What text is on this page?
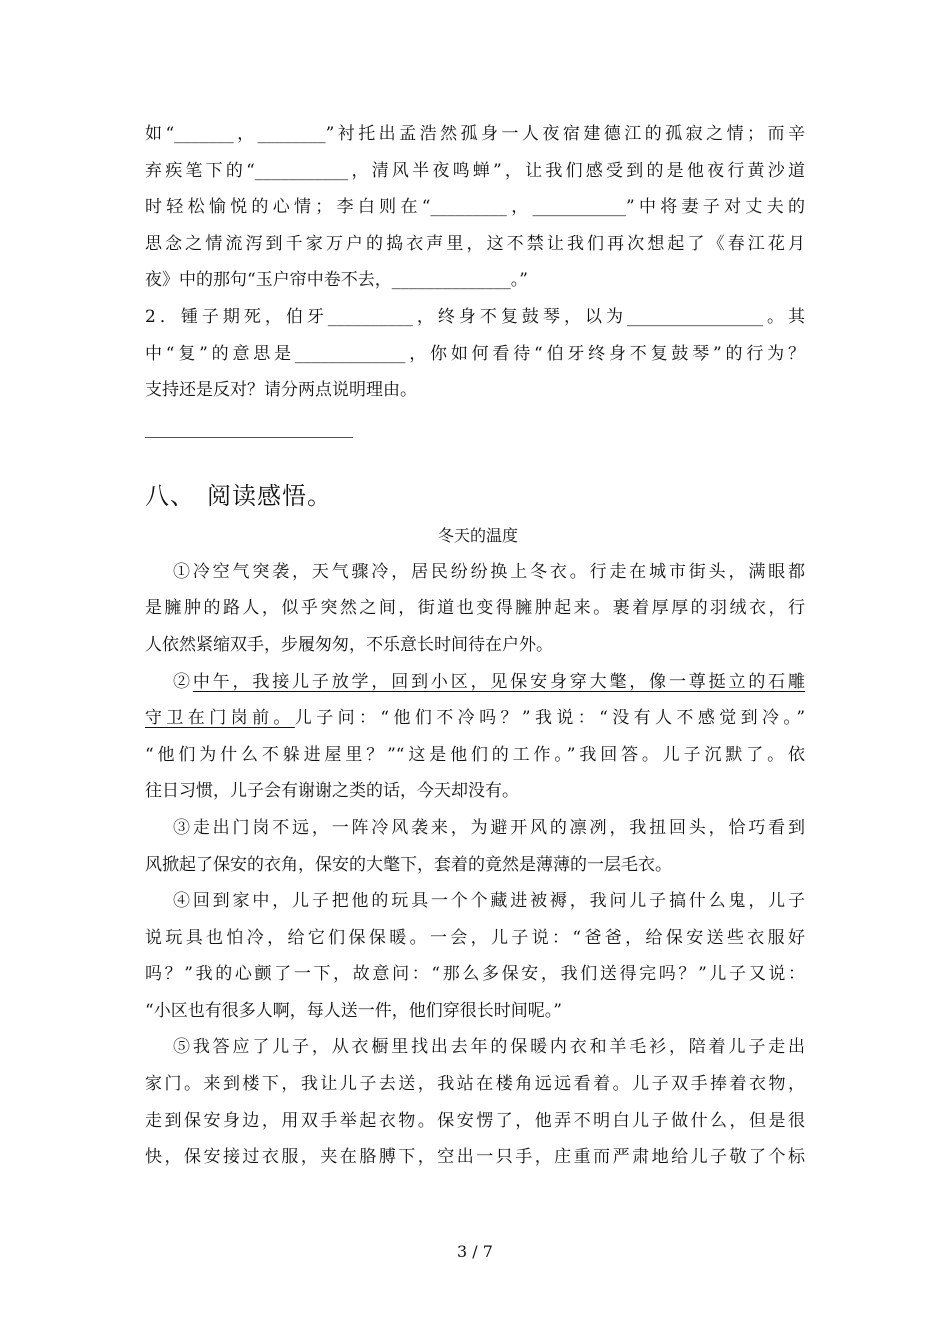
如“_______，________”衬托出孟浩然孤身一人夜宿建德江的孤寂之情；而辛
弃疾笔下的“___________，清风半夜鸣蝉”，让我们感受到的是他夜行黄沙道
时轻松愉悦的心情；李白则在“_________，___________”中将妻子对丈夫的
思念之情流泻到千家万户的捣衣声里，这不禁让我们再次想起了《春江花月
夜》中的那句“玉户帘中卷不去，______________。”
2．锺子期死，伯牙__________，终身不复鼓琴，以为________________。其
中“复”的意思是_____________，你如何看待“伯牙终身不复鼓琴”的行为？
支持还是反对？请分两点说明理由。
八、 阅读感悟。
冬天的温度
①冷空气突袭，天气骤冷，居民纷纷换上冬衣。行走在城市街头，满眼都
是臃肿的路人，似乎突然之间，街道也变得臃肿起来。裹着厚厚的羽绒衣，行
人依然紧缩双手，步履匆匆，不乐意长时间待在户外。
②中午，我接儿子放学，回到小区，见保安身穿大氅，像一尊挺立的石雕
守卫在门岗前。儿子问：“他们不冷吗？”我说：“没有人不感觉到冷。”
“他们为什么不躲进屋里？”“这是他们的工作。”我回答。儿子沉默了。依
往日习惯，儿子会有谢谢之类的话，今天却没有。
③走出门岗不远，一阵冷风袭来，为避开风的凛冽，我扭回头，恰巧看到
风掀起了保安的衣角，保安的大氅下，套着的竟然是薄薄的一层毛衣。
④回到家中，儿子把他的玩具一个个藏进被褥，我问儿子搞什么鬼，儿子
说玩具也怕冷，给它们保保暖。一会，儿子说：“爸爸，给保安送些衣服好
吗？”我的心颤了一下，故意问：“那么多保安，我们送得完吗？”儿子又说：
“小区也有很多人啊，每人送一件，他们穿很长时间呢。”
⑤我答应了儿子，从衣橱里找出去年的保暖内衣和羊毛衫，陪着儿子走出
家门。来到楼下，我让儿子去送，我站在楼角远远看着。儿子双手捧着衣物，
走到保安身边，用双手举起衣物。保安愣了，他弄不明白儿子做什么，但是很
快，保安接过衣服，夹在胳膊下，空出一只手，庄重而严肃地给儿子敬了个标
3 / 7
